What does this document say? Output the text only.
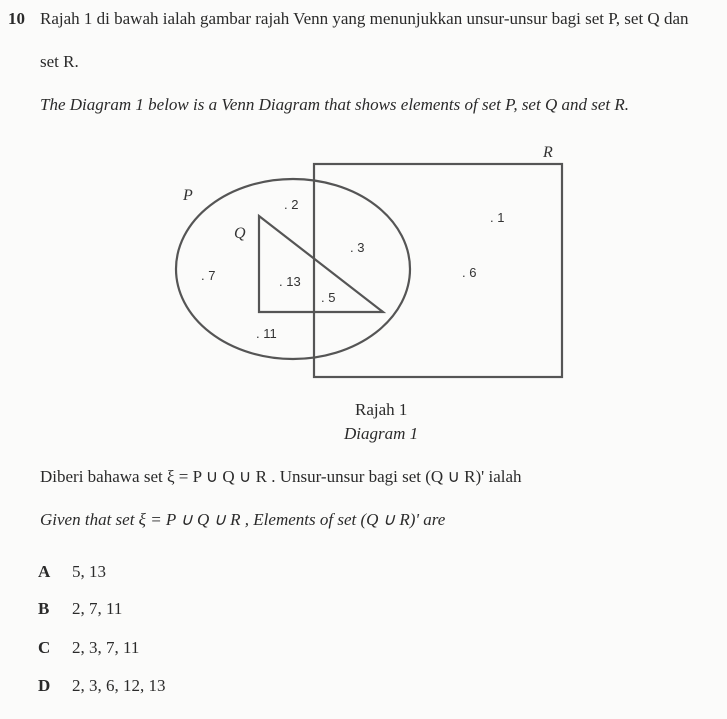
10 Rajah 1 di bawah ialah gambar rajah Venn yang menunjukkan unsur-unsur bagi set P, set Q dan
set R.
The Diagram 1 below is a Venn Diagram that shows elements of set P, set Q and set R.
P
Q
R
. 2
. 1
. 3
. 7	. 13
. 5
. 6
. 11
Rajah 1
Diagram 1
Diberi bahawa set ξ = P ∪ Q ∪ R . Unsur-unsur bagi set (Q ∪ R)' ialah
Given that set ξ = P ∪ Q ∪ R , Elements of set (Q ∪ R)' are
A 5, 13
B 2, 7, 11
C 2, 3, 7, 11
D 2, 3, 6, 12, 13
